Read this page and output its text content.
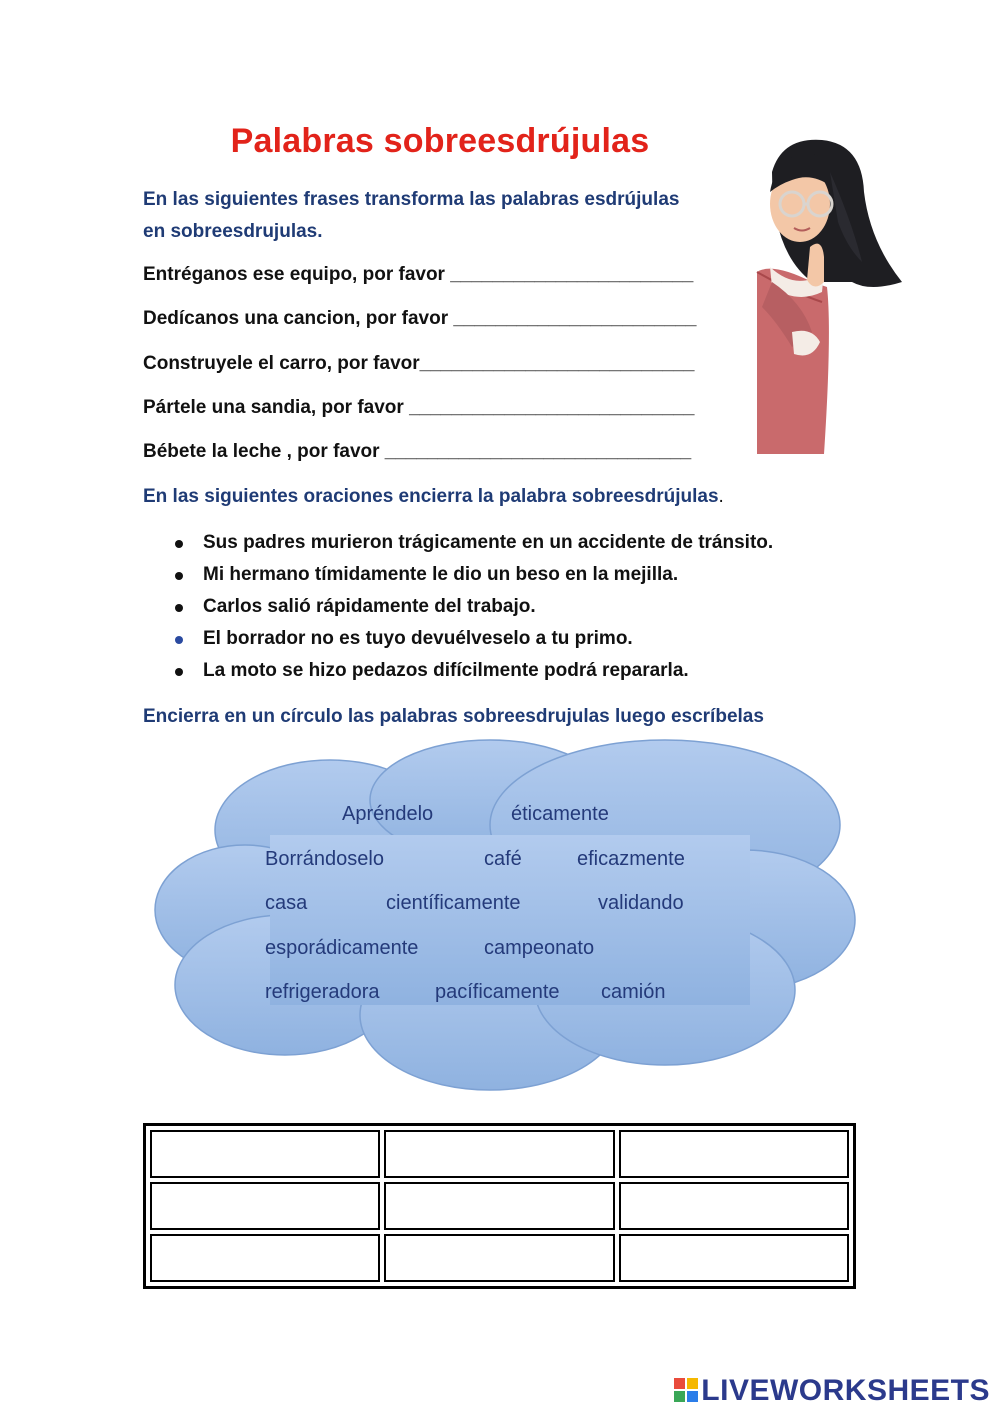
Palabras sobreesdrújulas
En las siguientes frases transforma las palabras esdrújulas
en sobreesdrujulas.
Entréganos ese equipo, por favor _______________________
Dedícanos una cancion, por favor _______________________
Construyele el carro, por favor__________________________
Pártele una sandia, por favor ___________________________
Bébete la leche , por favor _____________________________
En las siguientes oraciones encierra la palabra sobreesdrújulas.
Sus padres murieron trágicamente en un accidente de tránsito.
Mi hermano tímidamente le dio un beso en la mejilla.
Carlos salió rápidamente del trabajo.
El borrador no es tuyo devuélveselo a tu primo.
La moto se hizo pedazos difícilmente podrá repararla.
Encierra en un círculo las palabras sobreesdrujulas luego escríbelas
Apréndelo	éticamente
Borrándoselo	café	eficazmente
casa	científicamente	validando
esporádicamente	campeonato
refrigeradora	pacíficamente camión

LIVEWORKSHEETS
